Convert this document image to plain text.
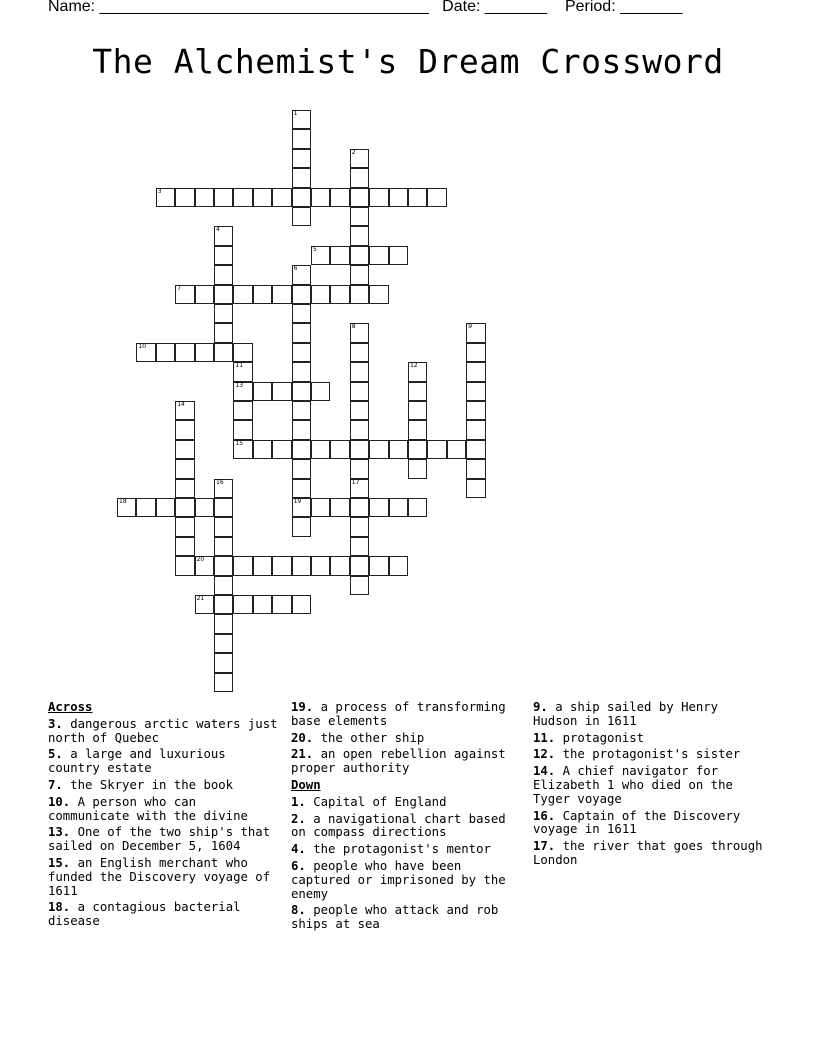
Name: _____________________________________ Date: _______ Period: _______
The Alchemist's Dream Crossword
1
2
3
4
5
6
19
7
8	9
10
11
13
15
12
14
16	17
18
20
21
Across
3. dangerous arctic waters just north of Quebec
5. a large and luxurious country estate
7. the Skryer in the book
10. A person who can communicate with the divine
13. One of the two ship's that sailed on December 5, 1604
15. an English merchant who funded the Discovery voyage of 1611
18. a contagious bacterial disease
19. a process of transforming base elements
20. the other ship
21. an open rebellion against proper authority
Down
1. Capital of England
2. a navigational chart based on compass directions
4. the protagonist's mentor
6. people who have been captured or imprisoned by the enemy
8. people who attack and rob ships at sea
9. a ship sailed by Henry Hudson in 1611
11. protagonist
12. the protagonist's sister
14. A chief navigator for Elizabeth 1 who died on the Tyger voyage
16. Captain of the Discovery voyage in 1611
17. the river that goes through London
